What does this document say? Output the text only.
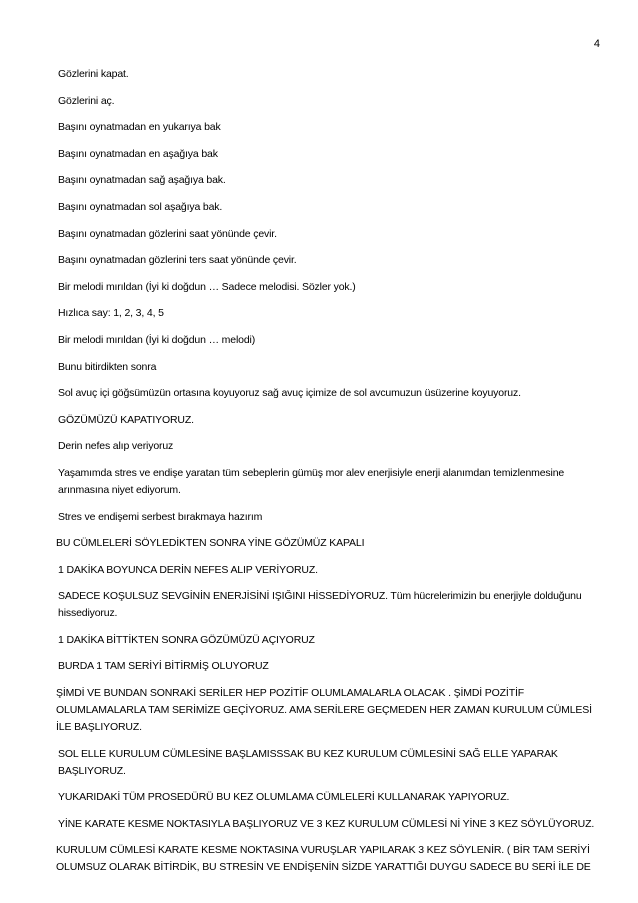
4

Gözlerini kapat.

Gözlerini aç.

Başını oynatmadan en yukarıya bak

Başını oynatmadan en aşağıya bak

Başını oynatmadan sağ aşağıya bak.

Başını oynatmadan sol aşağıya bak.

Başını oynatmadan gözlerini saat yönünde çevir.

Başını oynatmadan gözlerini ters saat yönünde çevir.

Bir melodi mırıldan (İyi ki doğdun … Sadece melodisi. Sözler yok.)

Hızlıca say: 1, 2, 3, 4, 5

Bir melodi mırıldan (İyi ki doğdun … melodi)

Bunu bitirdikten sonra

Sol avuç içi göğsümüzün ortasına koyuyoruz sağ avuç içimize de sol avcumuzun üsüzerine koyuyoruz.

GÖZÜMÜZÜ KAPATIYORUZ.

Derin nefes alıp veriyoruz

Yaşamımda stres ve endişe yaratan tüm sebeplerin gümüş mor alev enerjisiyle enerji alanımdan temizlenmesine arınmasına niyet ediyorum.

Stres ve endişemi serbest bırakmaya hazırım

BU CÜMLELERİ SÖYLEDİKTEN SONRA YİNE GÖZÜMÜZ KAPALI

1 DAKİKA BOYUNCA DERİN NEFES ALIP VERİYORUZ.

SADECE KOŞULSUZ SEVGİNİN ENERJİSİNİ IŞIĞINI HİSSEDİYORUZ. Tüm hücrelerimizin bu enerjiyle dolduğunu hissediyoruz.

1 DAKİKA BİTTİKTEN SONRA GÖZÜMÜZÜ AÇIYORUZ

BURDA 1 TAM SERİYİ BİTİRMİŞ OLUYORUZ

ŞİMDİ VE BUNDAN SONRAKİ SERİLER HEP POZİTİF OLUMLAMALARLA OLACAK . ŞİMDİ POZİTİF OLUMLAMALARLA TAM SERİMİZE GEÇİYORUZ. AMA SERİLERE GEÇMEDEN HER ZAMAN KURULUM CÜMLESİ İLE BAŞLIYORUZ.

SOL ELLE KURULUM CÜMLESİNE BAŞLAMISSSAK BU KEZ KURULUM CÜMLESİNİ SAĞ ELLE YAPARAK BAŞLIYORUZ.

YUKARIDAKİ TÜM PROSEDÜRÜ BU KEZ OLUMLAMA CÜMLELERİ KULLANARAK YAPIYORUZ.

YİNE KARATE KESME NOKTASIYLA BAŞLIYORUZ VE 3 KEZ KURULUM CÜMLESİ Nİ YİNE 3 KEZ SÖYLÜYORUZ.

KURULUM CÜMLESİ KARATE KESME NOKTASINA VURUŞLAR YAPILARAK 3 KEZ SÖYLENİR. ( BİR TAM SERİYİ OLUMSUZ OLARAK BİTİRDİK, BU STRESİN VE ENDİŞENİN SİZDE YARATTIĞI DUYGU SADECE BU SERİ İLE DE
